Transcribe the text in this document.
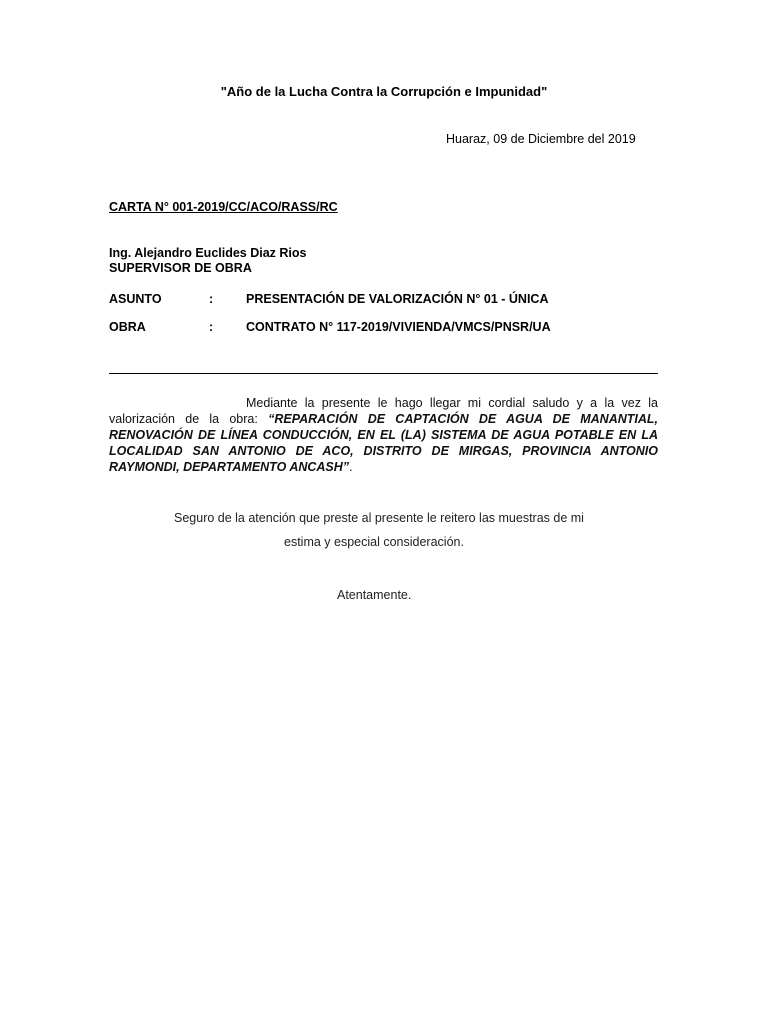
"Año de la Lucha Contra la Corrupción e Impunidad"
Huaraz, 09 de Diciembre del 2019
CARTA N° 001-2019/CC/ACO/RASS/RC
Ing. Alejandro Euclides Diaz Rios
SUPERVISOR DE OBRA
ASUNTO	:	PRESENTACIÓN DE VALORIZACIÓN N° 01 - ÚNICA
OBRA	:	CONTRATO N° 117-2019/VIVIENDA/VMCS/PNSR/UA
Mediante la presente le hago llegar mi cordial saludo y a la vez la valorización de la obra: “REPARACIÓN DE CAPTACIÓN DE AGUA DE MANANTIAL, RENOVACIÓN DE LÍNEA CONDUCCIÓN, EN EL (LA) SISTEMA DE AGUA POTABLE EN LA LOCALIDAD SAN ANTONIO DE ACO, DISTRITO DE MIRGAS, PROVINCIA ANTONIO RAYMONDI, DEPARTAMENTO ANCASH”.
Seguro de la atención que preste al presente le reitero las muestras de mi
estima y especial consideración.
Atentamente.
